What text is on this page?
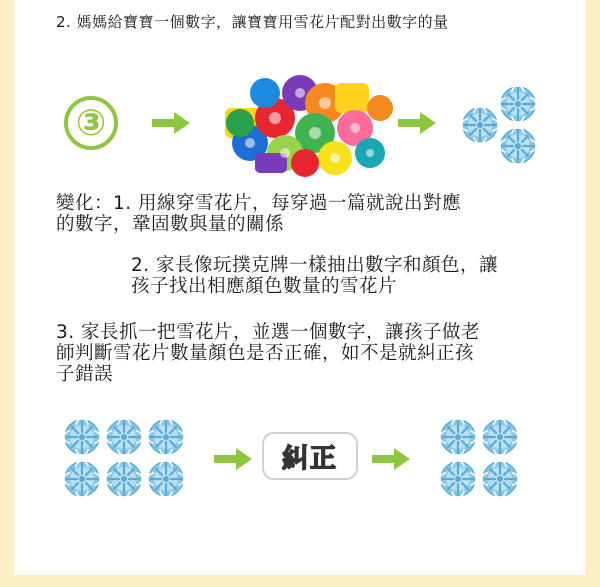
2. 媽媽給寶寶一個數字，讓寶寶用雪花片配對出數字的量
③
變化：1. 用線穿雪花片，每穿過一篇就說出對應
的數字，鞏固數與量的關係
2. 家長像玩撲克牌一樣抽出數字和顏色，讓
孩子找出相應顏色數量的雪花片
3. 家長抓一把雪花片，並選一個數字，讓孩子做老
師判斷雪花片數量顏色是否正確，如不是就糾正孩
子錯誤
糾正
